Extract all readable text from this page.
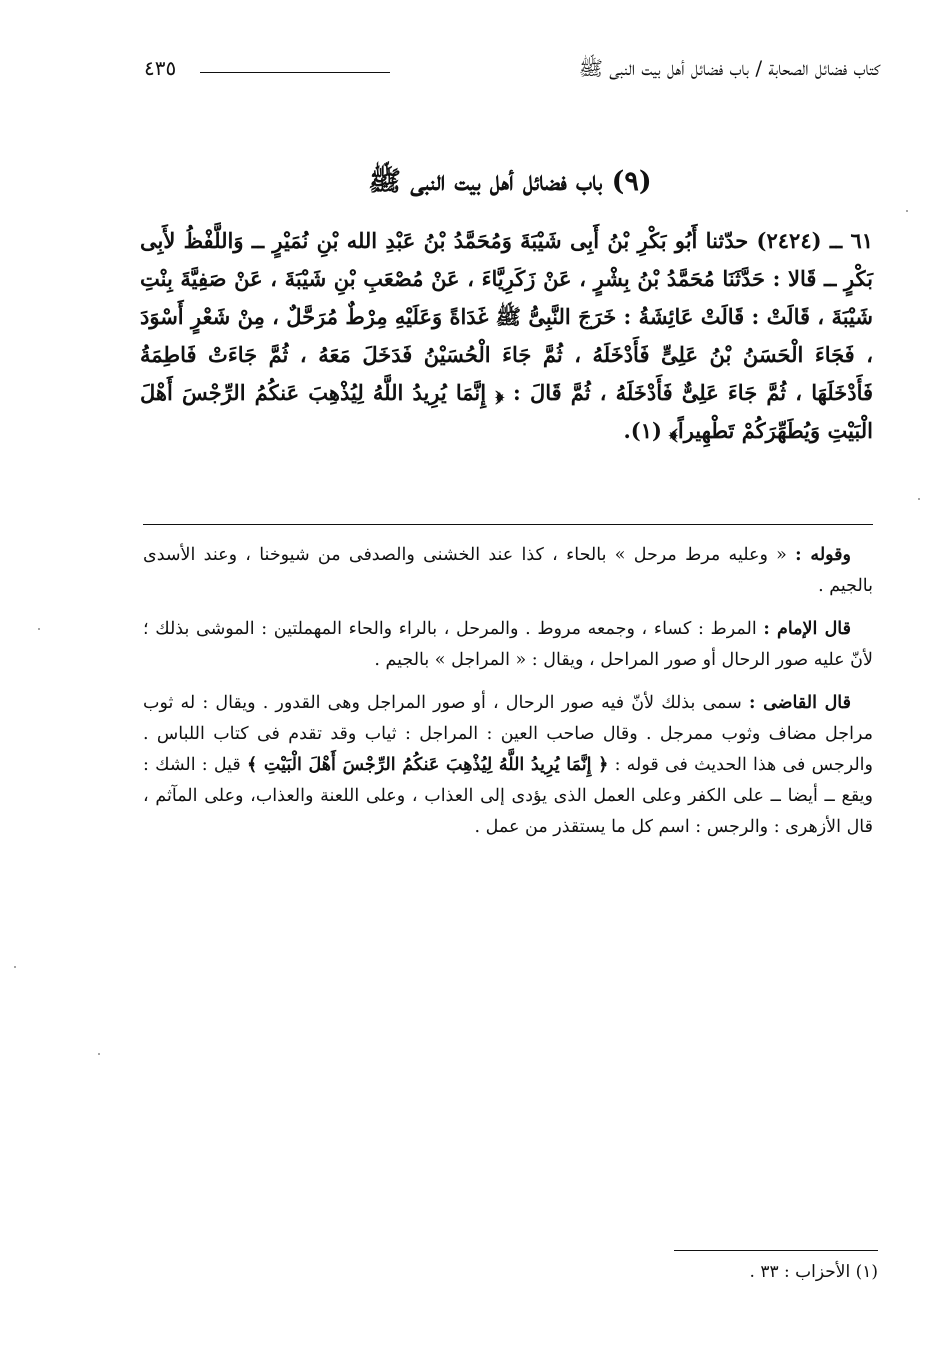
كتاب فضائل الصحابة / باب فضائل أهل بيت النبى ﷺ
٤٣٥
(٩) باب فضائل أهل بيت النبى ﷺ
٦١ ــ (٢٤٢٤) حدّثنا أَبُو بَكْرِ بْنُ أَبِى شَيْبَةَ وَمُحَمَّدُ بْنُ عَبْدِ الله بْنِ نُمَيْرٍ ــ وَاللَّفْظُ لأَبِى بَكْرٍ ــ قَالا : حَدَّثَنَا مُحَمَّدُ بْنُ بِشْرٍ ، عَنْ زَكَرِيَّاءَ ، عَنْ مُصْعَبِ بْنِ شَيْبَةَ ، عَنْ صَفِيَّةَ بِنْتِ شَيْبَةَ ، قَالَتْ : قَالَتْ عَائِشَةُ : خَرَجَ النَّبِىُّ ﷺ غَدَاةً وَعَلَيْهِ مِرْطٌ مُرَحَّلٌ ، مِنْ شَعْرٍ أَسْوَدَ ، فَجَاءَ الْحَسَنُ بْنُ عَلِىٍّ فَأَدْخَلَهُ ، ثُمَّ جَاءَ الْحُسَيْنُ فَدَخَلَ مَعَهُ ، ثُمَّ جَاءَتْ فَاطِمَةُ فَأَدْخَلَهَا ، ثُمَّ جَاءَ عَلِىٌّ فَأَدْخَلَهُ ، ثُمَّ قَالَ : ﴿ إِنَّمَا يُرِيدُ اللَّهُ لِيُذْهِبَ عَنكُمُ الرِّجْسَ أَهْلَ الْبَيْتِ وَيُطَهِّرَكُمْ تَطْهِيراً﴾ (١).

وقوله : « وعليه مرط مرحل » بالحاء ، كذا عند الخشنى والصدفى من شيوخنا ، وعند الأسدى بالجيم .

قال الإمام : المرط : كساء ، وجمعه مروط . والمرحل ، بالراء والحاء المهملتين : الموشى بذلك ؛ لأنّ عليه صور الرحال أو صور المراحل ، ويقال : « المراجل » بالجيم .

قال القاضى : سمى بذلك لأنّ فيه صور الرحال ، أو صور المراجل وهى القدور . ويقال : له ثوب مراجل مضاف وثوب ممرجل . وقال صاحب العين : المراجل : ثياب وقد تقدم فى كتاب اللباس . والرجس فى هذا الحديث فى قوله : ﴿ إِنَّمَا يُرِيدُ اللَّهُ لِيُذْهِبَ عَنكُمُ الرِّجْسَ أَهْلَ الْبَيْتِ ﴾ قيل : الشك : ويقع ــ أيضا ــ على الكفر وعلى العمل الذى يؤدى إلى العذاب ، وعلى اللعنة والعذاب، وعلى المآثم ، قال الأزهرى : والرجس : اسم كل ما يستقذر من عمل .

(١) الأحزاب : ٣٣ .
